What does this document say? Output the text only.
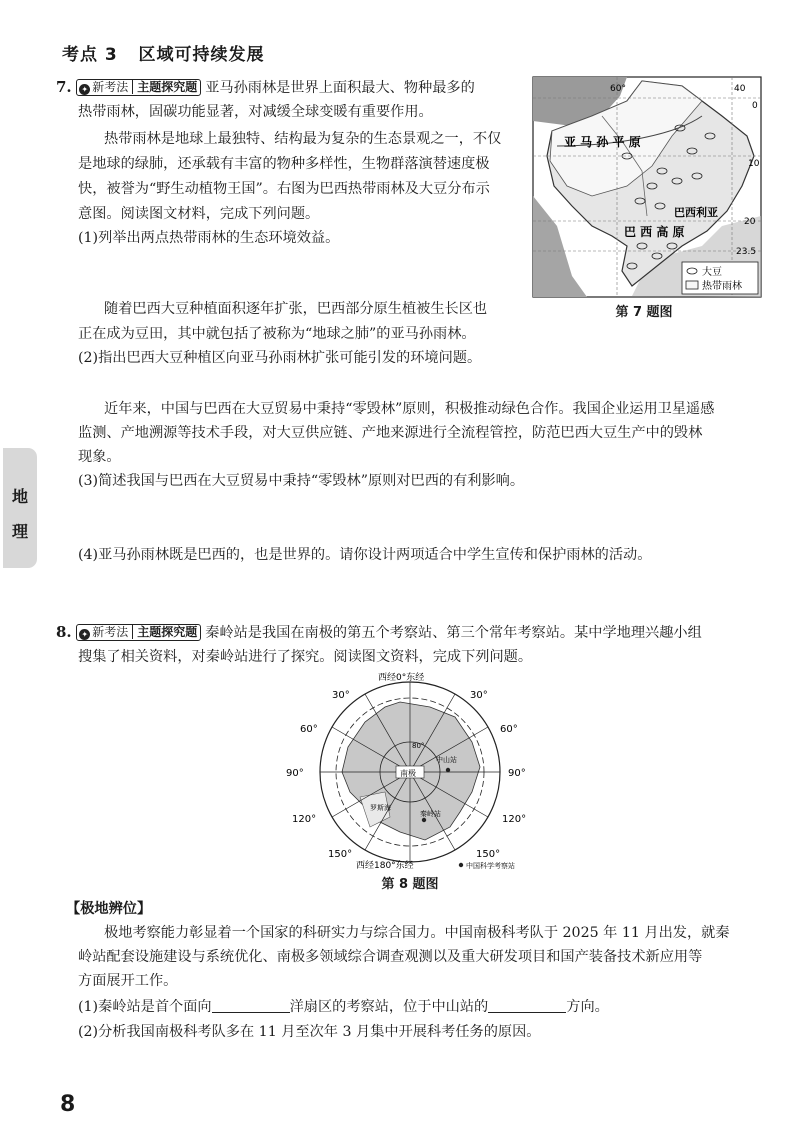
考点 3 区域可持续发展
7. ✦ 新考法 主题探究题 亚马孙雨林是世界上面积最大、物种最多的
热带雨林，固碳功能显著，对减缓全球变暖有重要作用。
热带雨林是地球上最独特、结构最为复杂的生态景观之一，不仅
是地球的绿肺，还承载有丰富的物种多样性，生物群落演替速度极
快，被誉为“野生动植物王国”。右图为巴西热带雨林及大豆分布示
意图。阅读图文材料，完成下列问题。
(1)列举出两点热带雨林的生态环境效益。
60°	40
0
10
20
23.5
亚 马 孙 平 原
巴西利亚
巴 西 高 原
大豆
热带雨林
第 7 题图
随着巴西大豆种植面积逐年扩张，巴西部分原生植被生长区也
正在成为豆田，其中就包括了被称为“地球之肺”的亚马孙雨林。
(2)指出巴西大豆种植区向亚马孙雨林扩张可能引发的环境问题。
近年来，中国与巴西在大豆贸易中秉持“零毁林”原则，积极推动绿色合作。我国企业运用卫星遥感
监测、产地溯源等技术手段，对大豆供应链、产地来源进行全流程管控，防范巴西大豆生产中的毁林
现象。
(3)简述我国与巴西在大豆贸易中秉持“零毁林”原则对巴西的有利影响。
(4)亚马孙雨林既是巴西的，也是世界的。请你设计两项适合中学生宣传和保护雨林的活动。
地
理
8. ✦ 新考法 主题探究题 秦岭站是我国在南极的第五个考察站、第三个常年考察站。某中学地理兴趣小组
搜集了相关资料，对秦岭站进行了探究。阅读图文资料，完成下列问题。
南极
80°
中山站
秦岭站
罗斯海
西经0°东经
30°	30°
60°	60°
90°	90°
120°	120°
150°	150°
西经180°东经	中国科学考察站
第 8 题图
【极地辨位】
极地考察能力彰显着一个国家的科研实力与综合国力。中国南极科考队于 2025 年 11 月出发，就秦
岭站配套设施建设与系统优化、南极多领域综合调查观测以及重大研发项目和国产装备技术新应用等
方面展开工作。
(1)秦岭站是首个面向	洋扇区的考察站，位于中山站的	方向。
(2)分析我国南极科考队多在 11 月至次年 3 月集中开展科考任务的原因。
8
